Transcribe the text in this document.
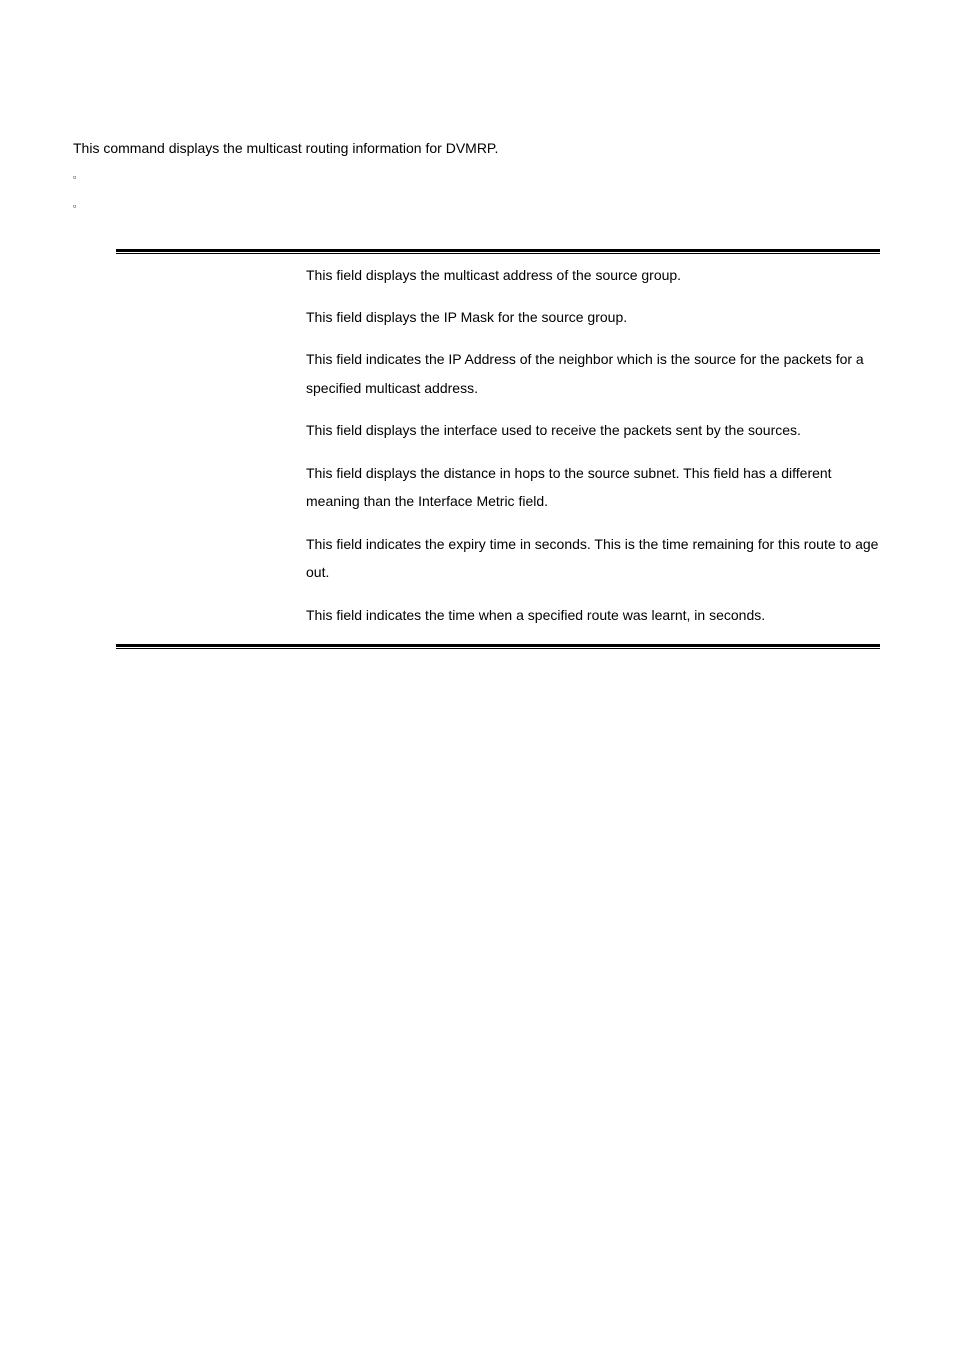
This command displays the multicast routing information for DVMRP.

▫
▫
This field displays the multicast address of the source group.
This field displays the IP Mask for the source group.
This field indicates the IP Address of the neighbor which is the source for the packets for a specified multicast address.
This field displays the interface used to receive the packets sent by the sources.
This field displays the distance in hops to the source subnet. This field has a different meaning than the Interface Metric field.
This field indicates the expiry time in seconds. This is the time remaining for this route to age out.
This field indicates the time when a specified route was learnt, in seconds.
